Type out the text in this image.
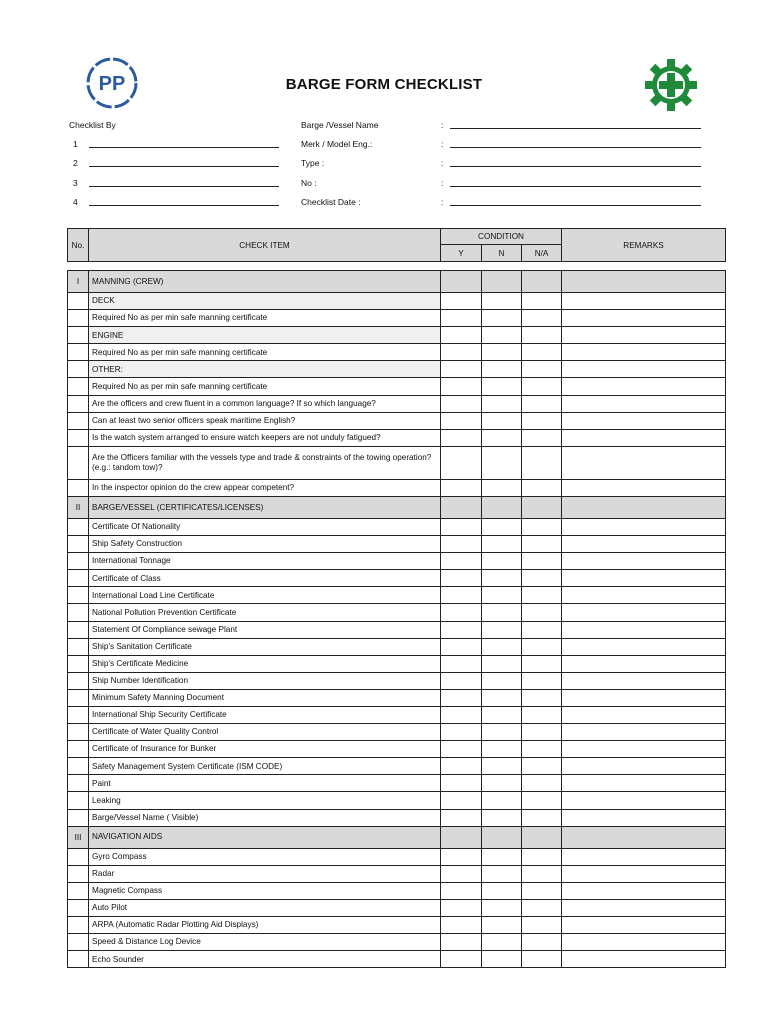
PP	BARGE FORM CHECKLIST
Checklist By
1
2
3
4
Barge /Vessel Name	:
Merk / Model Eng.:	:
Type :	:
No :	:
Checklist Date :	:
No.	CHECK ITEM	CONDITION			REMARKS
		Y	N	N/A	
I	MANNING (CREW)				
	DECK				
	Required No as per min safe manning certificate				
	ENGINE				
	Required No as per min safe manning certificate				
	OTHER:				
	Required No as per min safe manning certificate				
	Are the officers and crew fluent in a common language? If so which language?				
	Can at least two senior officers speak maritime English?				
	Is the watch system arranged to ensure watch keepers are not unduly fatigued?				
	Are the Officers familiar with the vessels type and trade & constraints of the towing operation? (e.g.: tandom tow)?				
	In the inspector opinion do the crew appear competent?				
II	BARGE/VESSEL (CERTIFICATES/LICENSES)				
	Certificate Of Nationality				
	Ship Safety Construction				
	International Tonnage				
	Certificate of Class				
	International Load Line Certificate				
	National Pollution Prevention Certificate				
	Statement Of Compliance sewage Plant				
	Ship's Sanitation Certificate				
	Ship's Certificate Medicine				
	Ship Number Identification				
	Minimum Safety Manning Document				
	International Ship Security Certificate				
	Certificate of Water Quality Control				
	Certificate of Insurance for Bunker				
	Safety Management System Certificate (ISM CODE)				
	Paint				
	Leaking				
	Barge/Vessel Name ( Visible)				
III	NAVIGATION AIDS				
	Gyro Compass				
	Radar				
	Magnetic Compass				
	Auto Pilot				
	ARPA (Automatic Radar Plotting Aid Displays)				
	Speed & Distance Log Device				
	Echo Sounder				
